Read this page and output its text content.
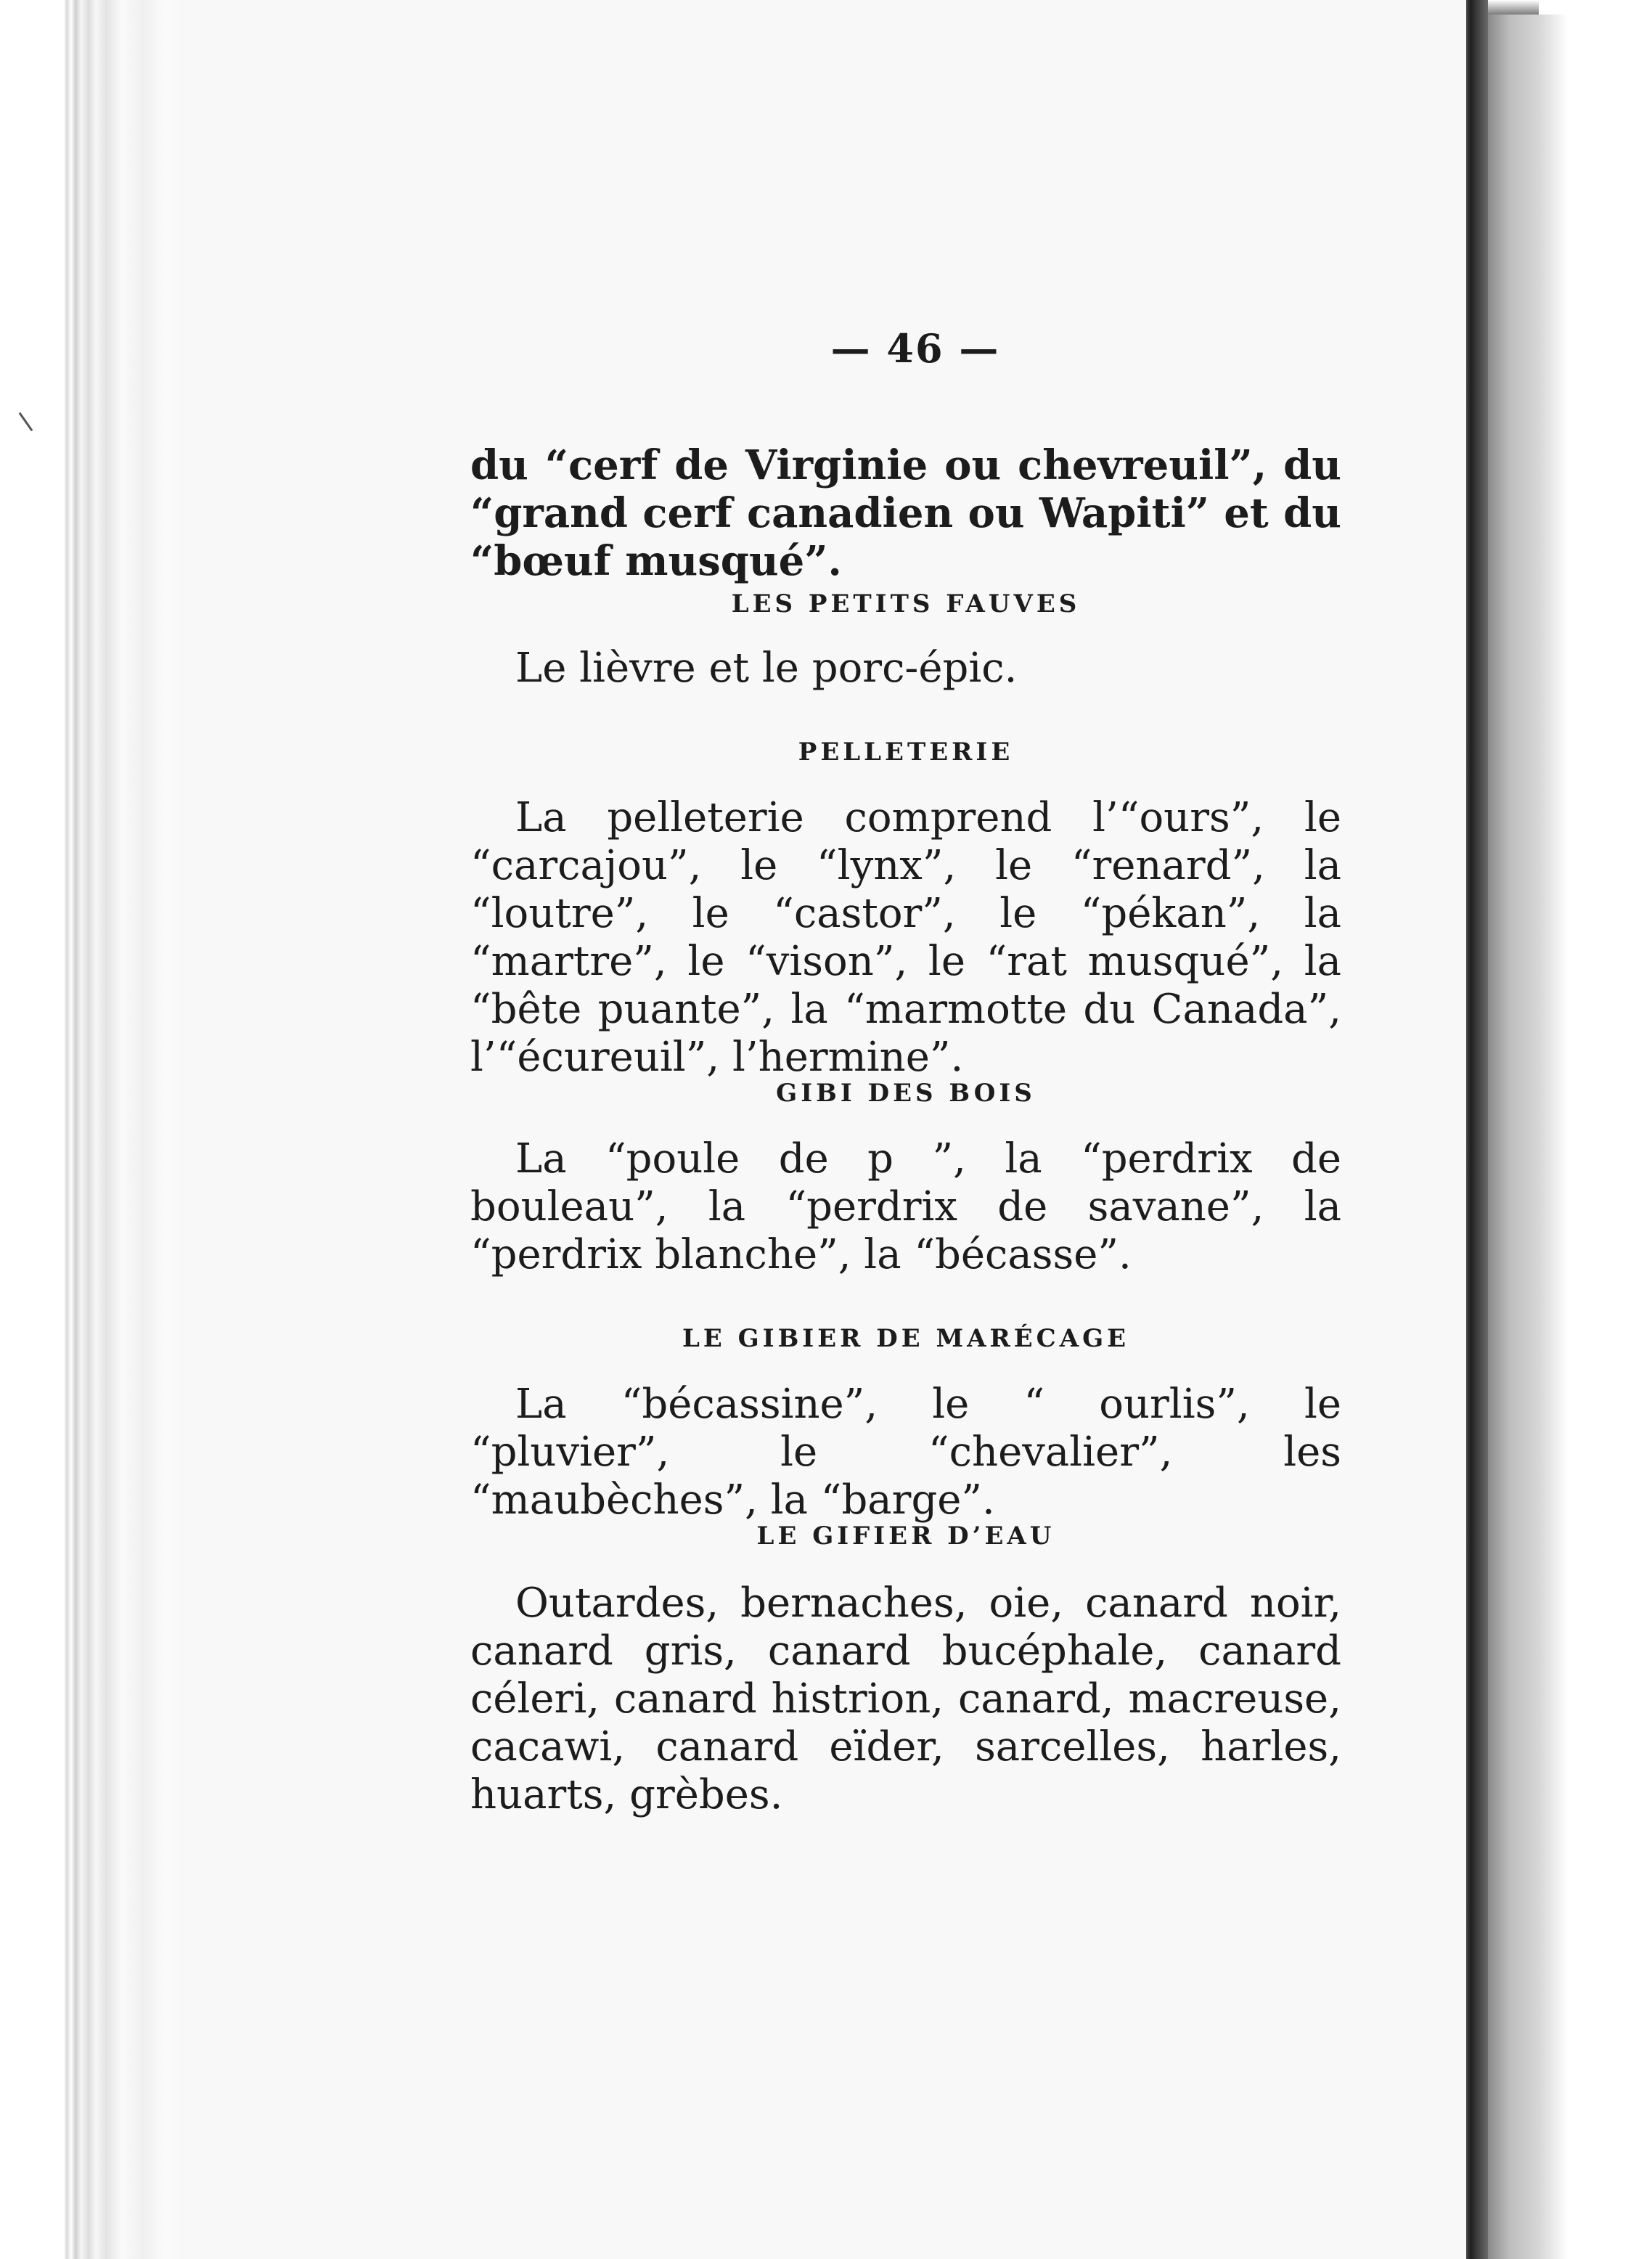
— 46 —

du “cerf de Virginie ou chevreuil”, du “grand cerf canadien ou Wapiti” et du “bœuf musqué”.

LES PETITS FAUVES
Le lièvre et le porc-épic.
PELLETERIE
La pelleterie comprend l’“ours”, le “carcajou”, le “lynx”, le “renard”, la “loutre”, le “castor”, le “pékan”, la “martre”, le “vison”, le “rat musqué”, la “bête puante”, la “marmotte du Canada”, l’“écureuil”, l’hermine”.
GIBI DES BOIS
La “poule de p ”, la “perdrix de bouleau”, la “perdrix de savane”, la “perdrix blanche”, la “bécasse”.
LE GIBIER DE MARÉCAGE
La “bécassine”, le “ ourlis”, le “pluvier”, le “chevalier”, les “maubèches”, la “barge”.
LE GIFIER D’EAU
Outardes, bernaches, oie, canard noir, canard gris, canard bucéphale, canard céleri, canard histrion, canard, macreuse, cacawi, canard eïder, sarcelles, harles, huarts, grèbes.
